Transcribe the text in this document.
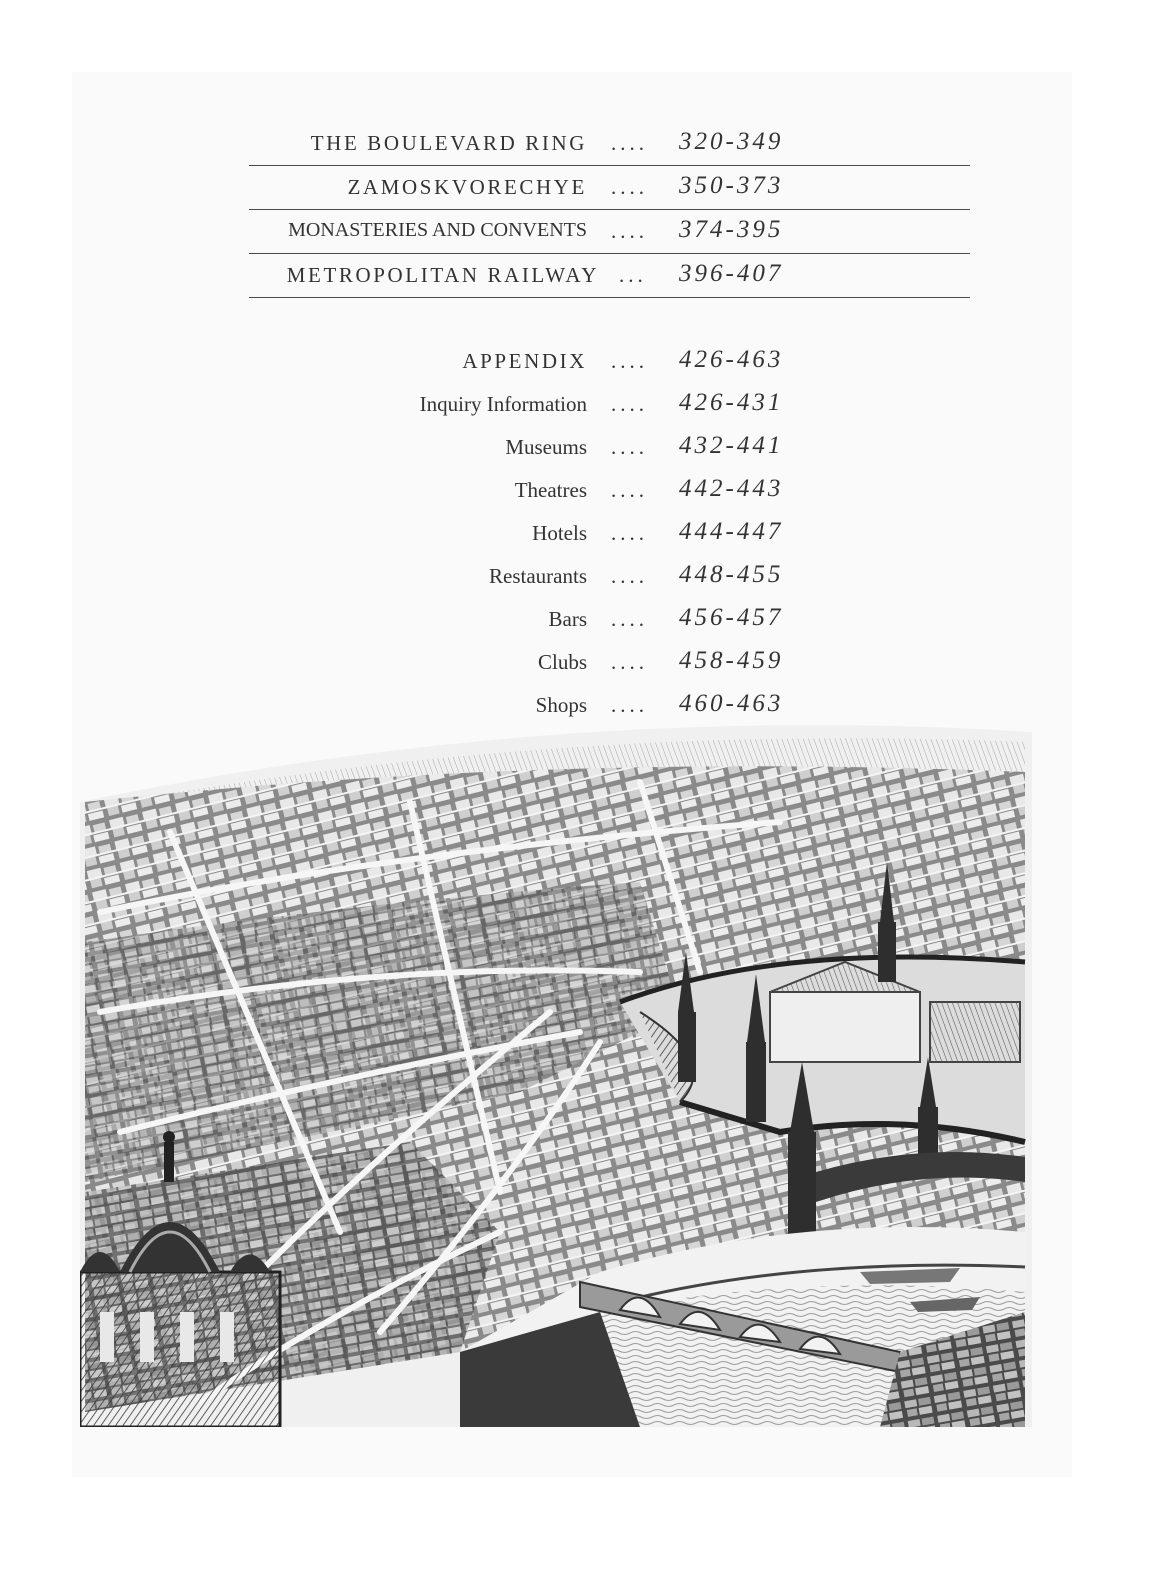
THE BOULEVARD RING .... 320-349
ZAMOSKVORECHYE .... 350-373
MONASTERIES AND CONVENTS .... 374-395
METROPOLITAN RAILWAY ... 396-407
APPENDIX .... 426-463
Inquiry Information .... 426-431
Museums .... 432-441
Theatres .... 442-443
Hotels .... 444-447
Restaurants .... 448-455
Bars .... 456-457
Clubs .... 458-459
Shops .... 460-463
